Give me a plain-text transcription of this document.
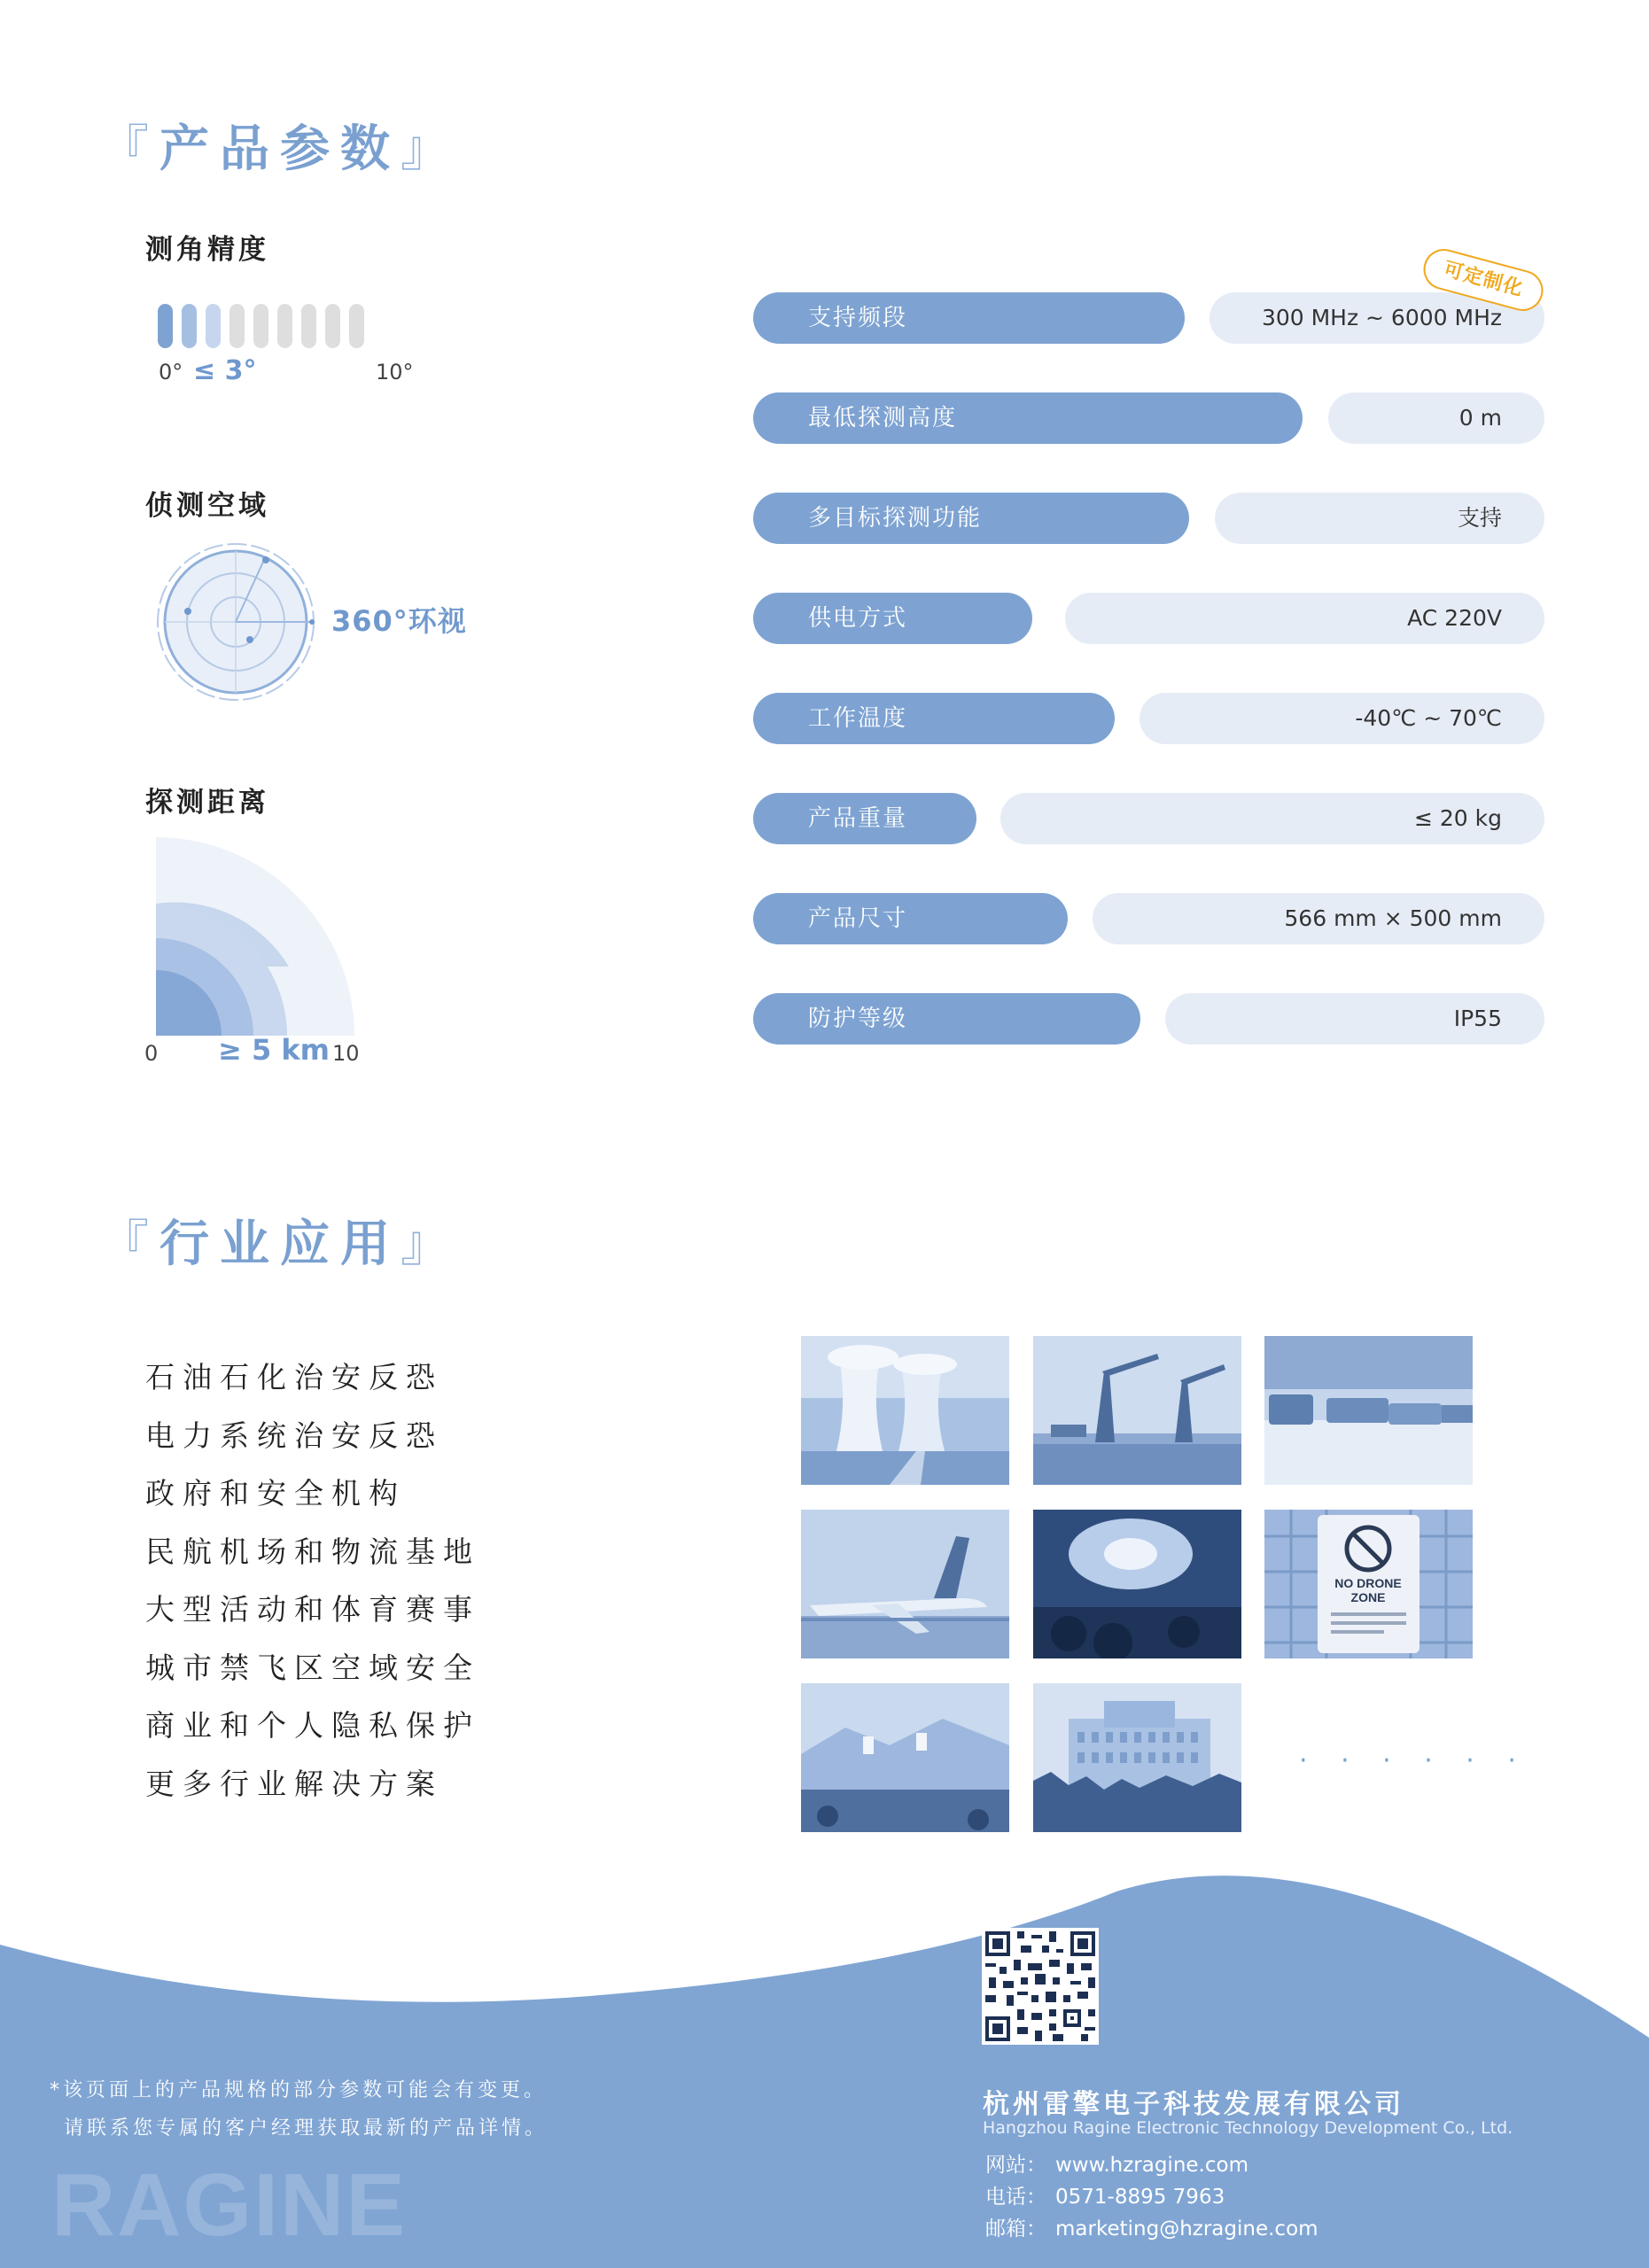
『产品参数』
测角精度
0° ≤ 3°	10°
侦测空域
360°环视
探测距离
0 ≥ 5 km 10
支持频段	300 MHz ~ 6000 MHz
最低探测高度	0 m
多目标探测功能	支持
供电方式	AC 220V
工作温度	-40℃ ~ 70℃
产品重量	≤ 20 kg
产品尺寸	566 mm × 500 mm
防护等级	IP55
可定制化
『行业应用』
石油石化治安反恐
电力系统治安反恐
政府和安全机构
民航机场和物流基地
大型活动和体育赛事
城市禁飞区空域安全
商业和个人隐私保护
更多行业解决方案
NO DRONE
ZONE
· · · · · ·
杭州雷擎电子科技发展有限公司
Hangzhou Ragine Electronic Technology Development Co., Ltd.
网站： www.hzragine.com
电话： 0571-8895 7963
邮箱： marketing@hzragine.com
*该页面上的产品规格的部分参数可能会有变更。
请联系您专属的客户经理获取最新的产品详情。
RAGINE
